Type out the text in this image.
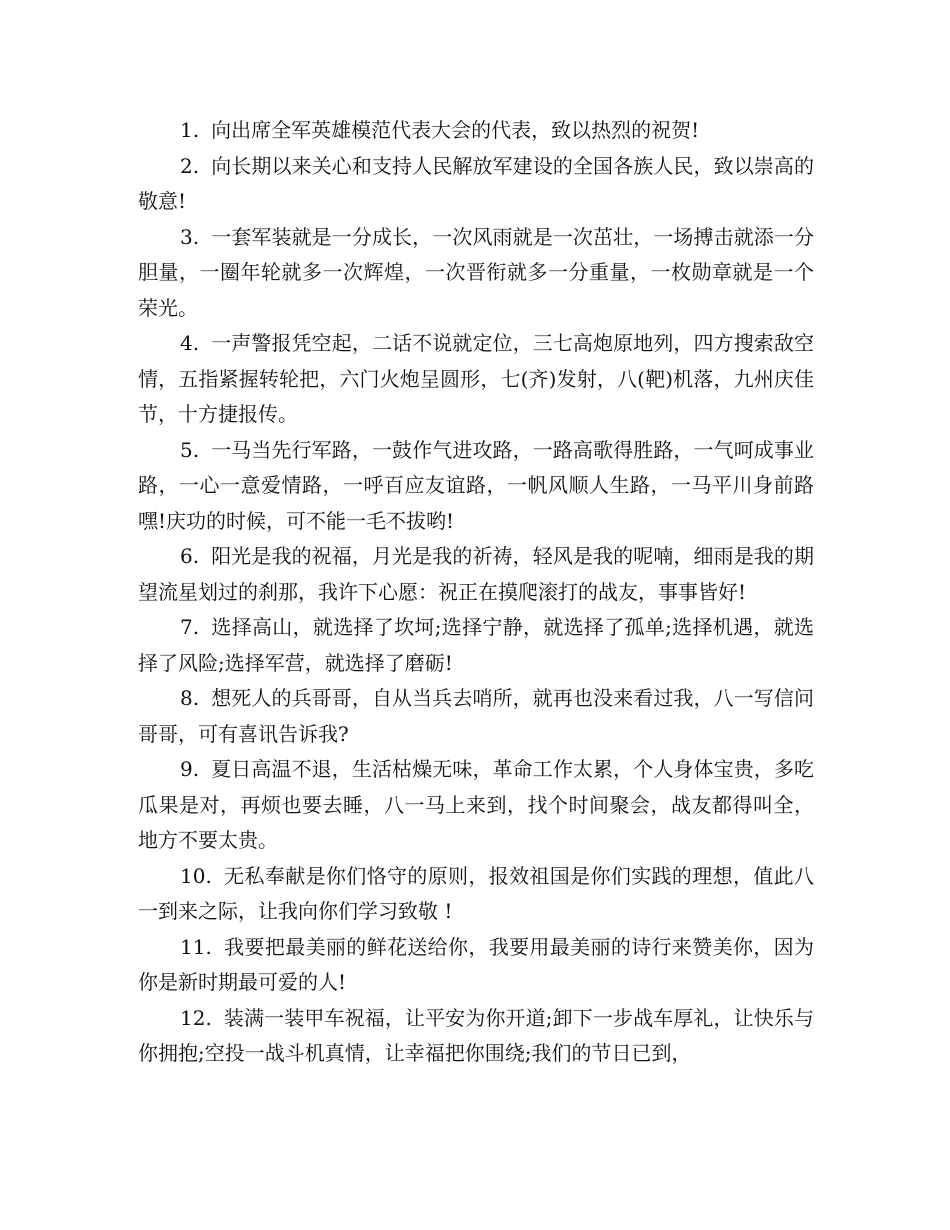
1. 向出席全军英雄模范代表大会的代表，致以热烈的祝贺!

2. 向长期以来关心和支持人民解放军建设的全国各族人民，致以崇高的敬意!

3. 一套军装就是一分成长，一次风雨就是一次茁壮，一场搏击就添一分胆量，一圈年轮就多一次辉煌，一次晋衔就多一分重量，一枚勋章就是一个荣光。

4. 一声警报凭空起，二话不说就定位，三七高炮原地列，四方搜索敌空情，五指紧握转轮把，六门火炮呈圆形，七(齐)发射，八(靶)机落，九州庆佳节，十方捷报传。

5. 一马当先行军路，一鼓作气进攻路，一路高歌得胜路，一气呵成事业路，一心一意爱情路，一呼百应友谊路，一帆风顺人生路，一马平川身前路嘿!庆功的时候，可不能一毛不拔哟!

6. 阳光是我的祝福，月光是我的祈祷，轻风是我的呢喃，细雨是我的期望流星划过的刹那，我许下心愿：祝正在摸爬滚打的战友，事事皆好!

7. 选择高山，就选择了坎坷;选择宁静，就选择了孤单;选择机遇，就选择了风险;选择军营，就选择了磨砺!

8. 想死人的兵哥哥，自从当兵去哨所，就再也没来看过我，八一写信问哥哥，可有喜讯告诉我?

9. 夏日高温不退，生活枯燥无味，革命工作太累，个人身体宝贵，多吃瓜果是对，再烦也要去睡，八一马上来到，找个时间聚会，战友都得叫全，地方不要太贵。

10. 无私奉献是你们恪守的原则，报效祖国是你们实践的理想，值此八一到来之际，让我向你们学习致敬 !

11. 我要把最美丽的鲜花送给你，我要用最美丽的诗行来赞美你，因为你是新时期最可爱的人!

12. 装满一装甲车祝福，让平安为你开道;卸下一步战车厚礼，让快乐与你拥抱;空投一战斗机真情，让幸福把你围绕;我们的节日已到，
